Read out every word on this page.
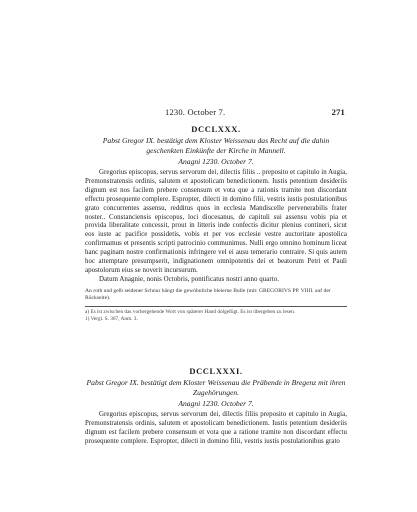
1230. October 7.	271
DCCLXXX.
Pabst Gregor IX. bestätigt dem Kloster Weissenau das Recht auf die dahin geschenkten Einkünfte der Kirche in Mannell.
Anagni 1230. October 7.
Gregorius episcopus, servus servorum dei, dilectis filiis .. preposito et capitulo in Augia, Premonstratensis ordinis, salutem et apostolicam benedictionem. Iustis petentium desideriis dignum est nos facilem prebere consensum et vota que a rationis tramite non discordant effectu prosequente complere. Espropter, dilecti in domino filii, vestris iustis postulationibus grato concurrentes assensu, redditus quos in ecclesia Mandiscelle pervenerabilis frater noster.. Constanciensis episcopus, loci diocesanus, de capituli sui assensu vobis pia et provida liberalitate concessit, prout in litteris inde confectis dicitur plenius contineri, sicut eos iuste ac pacifice possidetis, vobis et per vos ecclesie vestre auctoritate apostolica confirmamus et presentis scripti patrocinio communimus. Nulli ergo omnino hominum liceat hanc paginam nostre confirmationis infringere vel ei ausu temerario contraire. Si quis autem hoc attemptare presumpserit, indignationem omnipotentis dei et beatorum Petri et Pauli apostolorum eius se noverit incursurum.
Datum Anagnie, nonis Octobris, pontificatus nostri anno quarto.
An roth und gelb seidener Schnur hängt die gewöhnliche bleierne Bulle (mit: GREGORIVS PP. VIIII. auf der Rückseite).
a) Es ist zwischen das vorhergehende Wort von späterer Hand dolgefügt. Es ist übergeben zu lesen.
1) Vergl. S. 367, Anm. 3.
DCCLXXXI.
Pabst Gregor IX. bestätigt dem Kloster Weissenau die Präbende in Bregenz mit ihren Zugehörungen.
Anagni 1230. October 7.
Gregorius episcopus, servus servorum dei, dilectis filiis preposito et capitulo in Augia, Premonstratensis ordinis, salutem et apostolicam benedictionem. Iustis petentium desideriis dignum est facilem prebere consensum et vota que a ratione tramite non discordant effectu prosequente complere. Espropter, dilecti in domino filii, vestris iustis postulationibus grato
